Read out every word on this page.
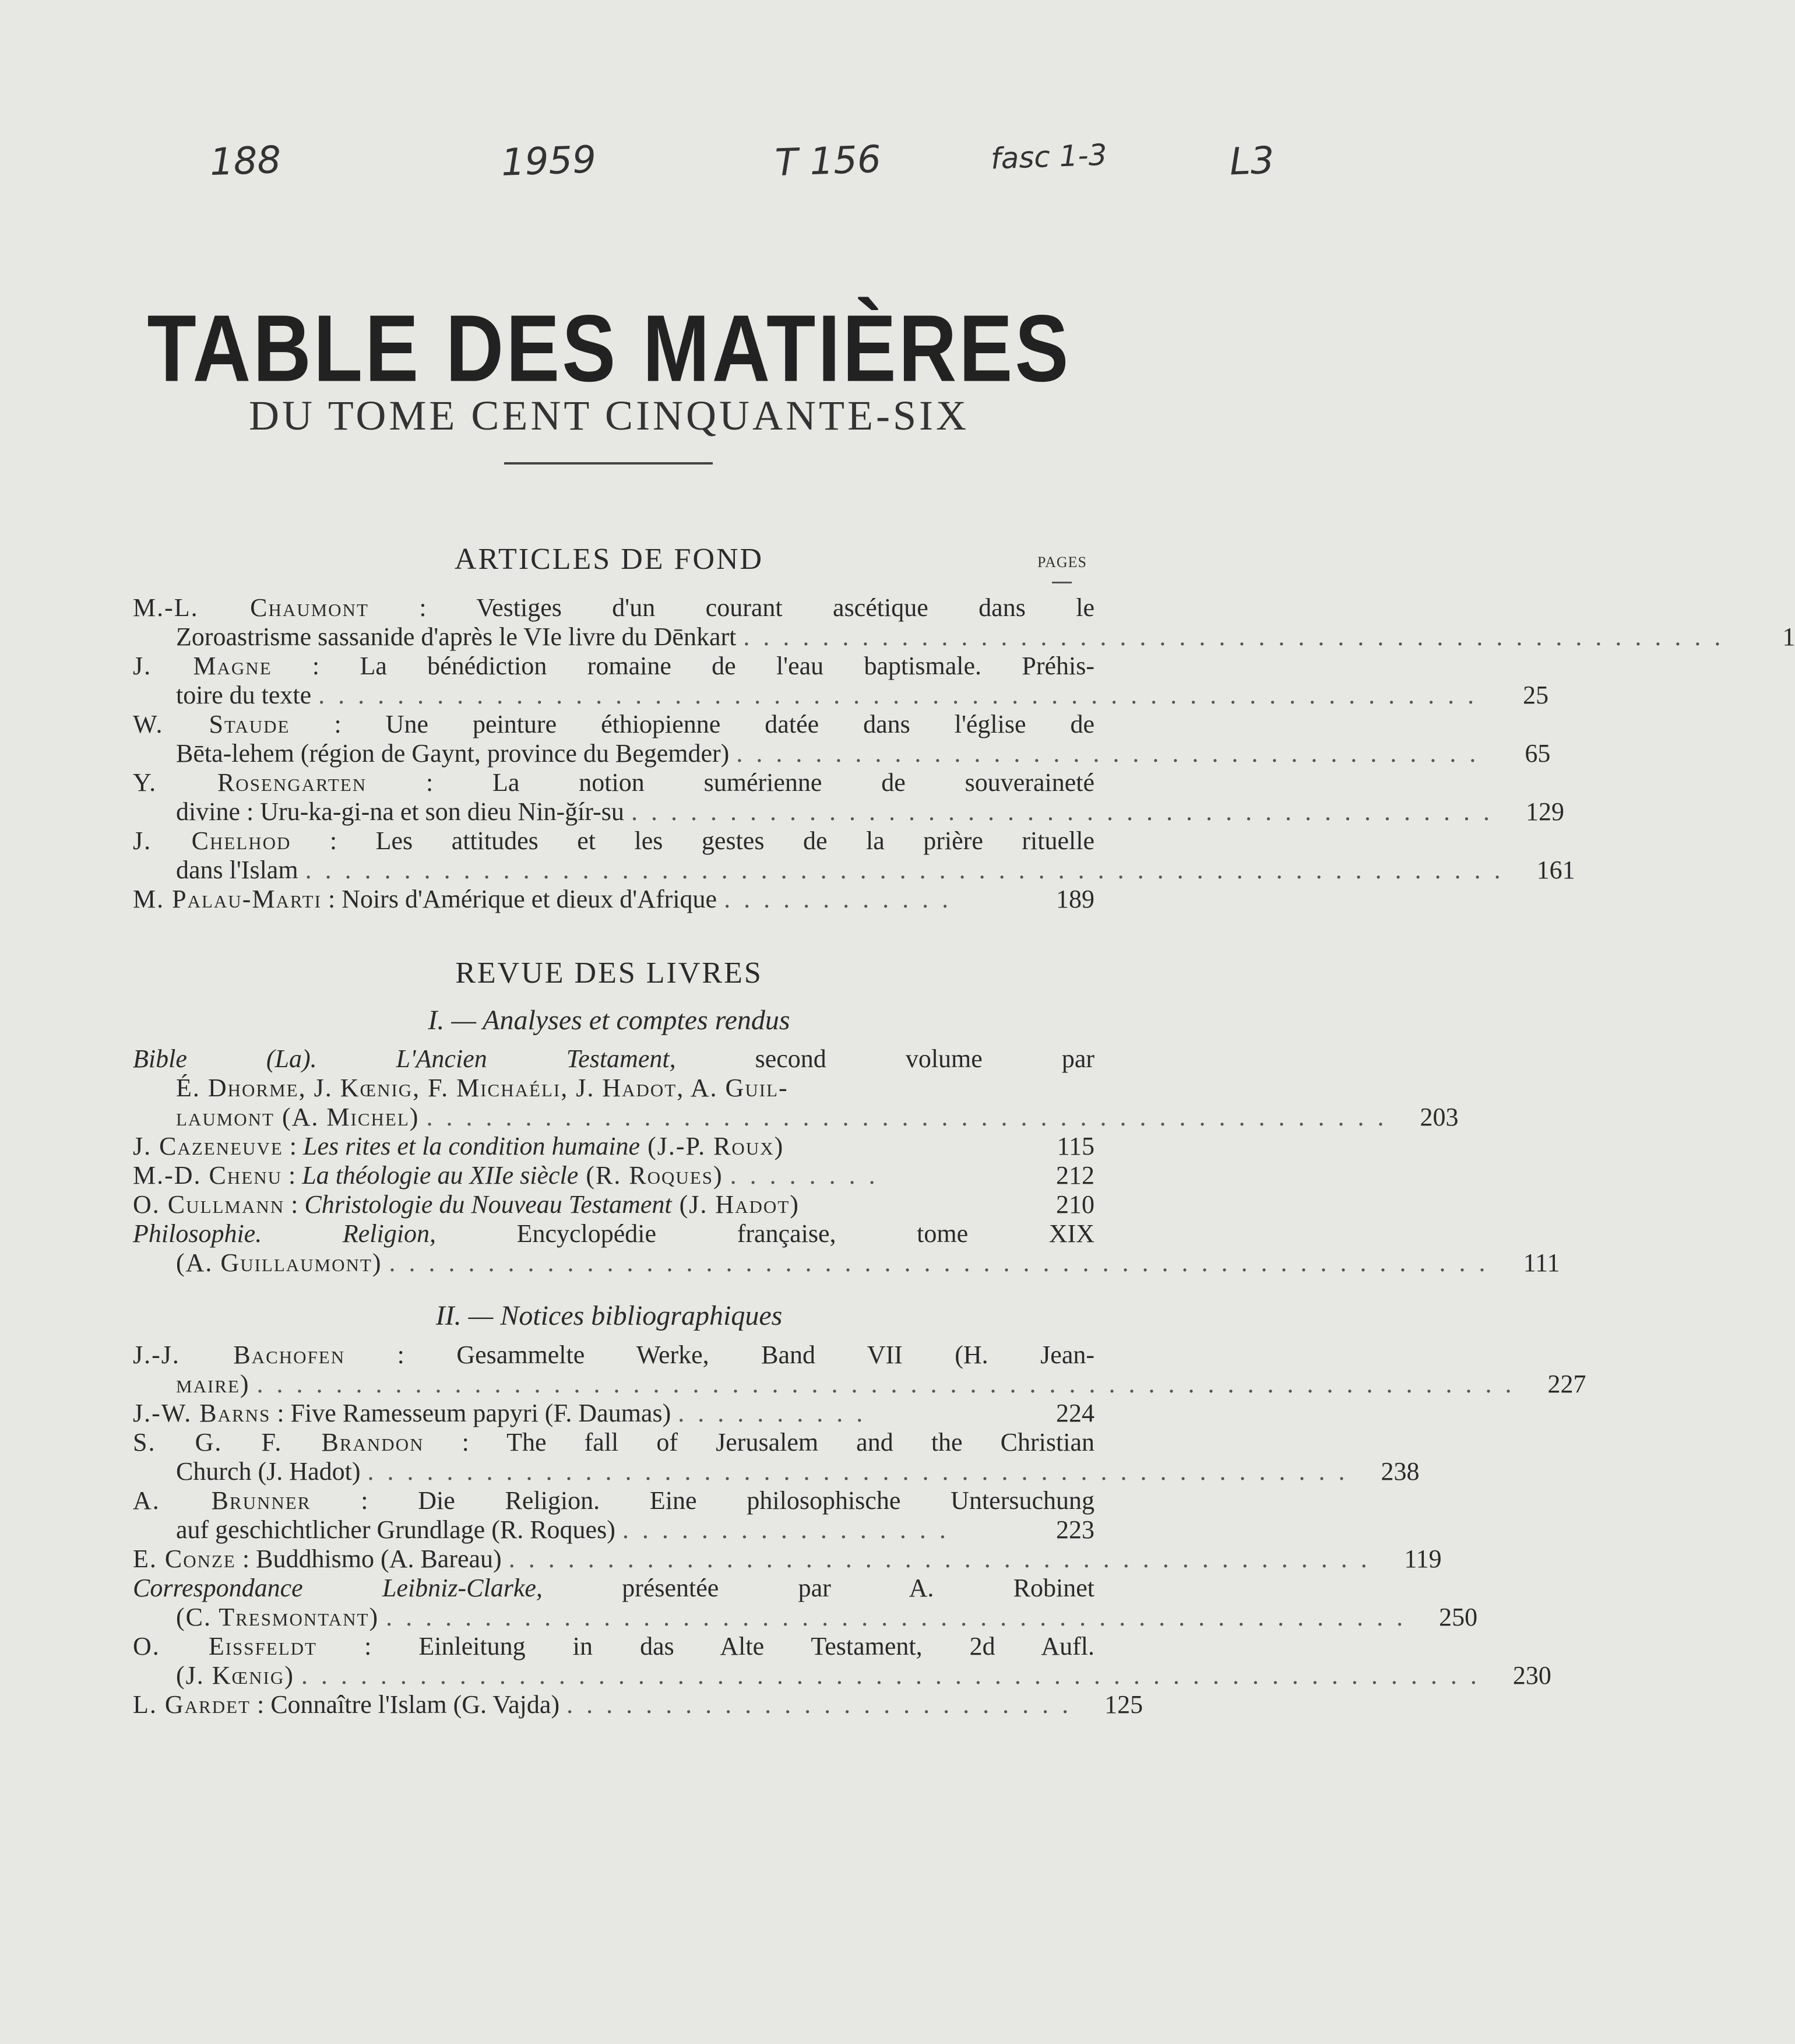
188	1959	T 156	fasc 1-3	L3
TABLE DES MATIÈRES
DU TOME CENT CINQUANTE-SIX
ARTICLES DE FOND	PAGES
M.-L. Chaumont : Vestiges d'un courant ascétique dans le
Zoroastrisme sassanide d'après le VIe livre du Dēnkart . . . . . . . . . . . . . . . . . . . . . . . . . . . . . . . . . . . . . . . . . . . . . . . . . .	1
J. Magne : La bénédiction romaine de l'eau baptismale. Préhis-
toire du texte . . . . . . . . . . . . . . . . . . . . . . . . . . . . . . . . . . . . . . . . . . . . . . . . . . . . . . . . . . .	25
W. Staude : Une peinture éthiopienne datée dans l'église de
Bēta-lehem (région de Gaynt, province du Begemder) . . . . . . . . . . . . . . . . . . . . . . . . . . . . . . . . . . . . . .	65
Y. Rosengarten : La notion sumérienne de souveraineté
divine : Uru-ka-gi-na et son dieu Nin-ğír-su . . . . . . . . . . . . . . . . . . . . . . . . . . . . . . . . . . . . . . . . . . . .	129
J. Chelhod : Les attitudes et les gestes de la prière rituelle
dans l'Islam . . . . . . . . . . . . . . . . . . . . . . . . . . . . . . . . . . . . . . . . . . . . . . . . . . . . . . . . . . . . .	161
M. Palau-Marti : Noirs d'Amérique et dieux d'Afrique . . . . . . . . . . . .	189
REVUE DES LIVRES
I. — Analyses et comptes rendus
Bible (La). L'Ancien Testament, second volume par
É. Dhorme, J. Kœnig, F. Michaéli, J. Hadot, A. Guil-
laumont (A. Michel) . . . . . . . . . . . . . . . . . . . . . . . . . . . . . . . . . . . . . . . . . . . . . . . . .	203
J. Cazeneuve : Les rites et la condition humaine (J.-P. Roux)	115
M.-D. Chenu : La théologie au XIIe siècle (R. Roques) . . . . . . . .	212
O. Cullmann : Christologie du Nouveau Testament (J. Hadot)	210
Philosophie. Religion, Encyclopédie française, tome XIX
(A. Guillaumont) . . . . . . . . . . . . . . . . . . . . . . . . . . . . . . . . . . . . . . . . . . . . . . . . . . . . . . . .	111
II. — Notices bibliographiques
J.-J. Bachofen : Gesammelte Werke, Band VII (H. Jean-
maire) . . . . . . . . . . . . . . . . . . . . . . . . . . . . . . . . . . . . . . . . . . . . . . . . . . . . . . . . . . . . . . . .	227
J.-W. Barns : Five Ramesseum papyri (F. Daumas) . . . . . . . . . .	224
S. G. F. Brandon : The fall of Jerusalem and the Christian
Church (J. Hadot) . . . . . . . . . . . . . . . . . . . . . . . . . . . . . . . . . . . . . . . . . . . . . . . . . .	238
A. Brunner : Die Religion. Eine philosophische Untersuchung
auf geschichtlicher Grundlage (R. Roques) . . . . . . . . . . . . . . . . .	223
E. Conze : Buddhismo (A. Bareau) . . . . . . . . . . . . . . . . . . . . . . . . . . . . . . . . . . . . . . . . . . . .	119
Correspondance Leibniz-Clarke, présentée par A. Robinet
(C. Tresmontant) . . . . . . . . . . . . . . . . . . . . . . . . . . . . . . . . . . . . . . . . . . . . . . . . . . . .	250
O. Eissfeldt : Einleitung in das Alte Testament, 2d Aufl.
(J. Kœnig) . . . . . . . . . . . . . . . . . . . . . . . . . . . . . . . . . . . . . . . . . . . . . . . . . . . . . . . . . . . .	230
L. Gardet : Connaître l'Islam (G. Vajda) . . . . . . . . . . . . . . . . . . . . . . . . . .	125
